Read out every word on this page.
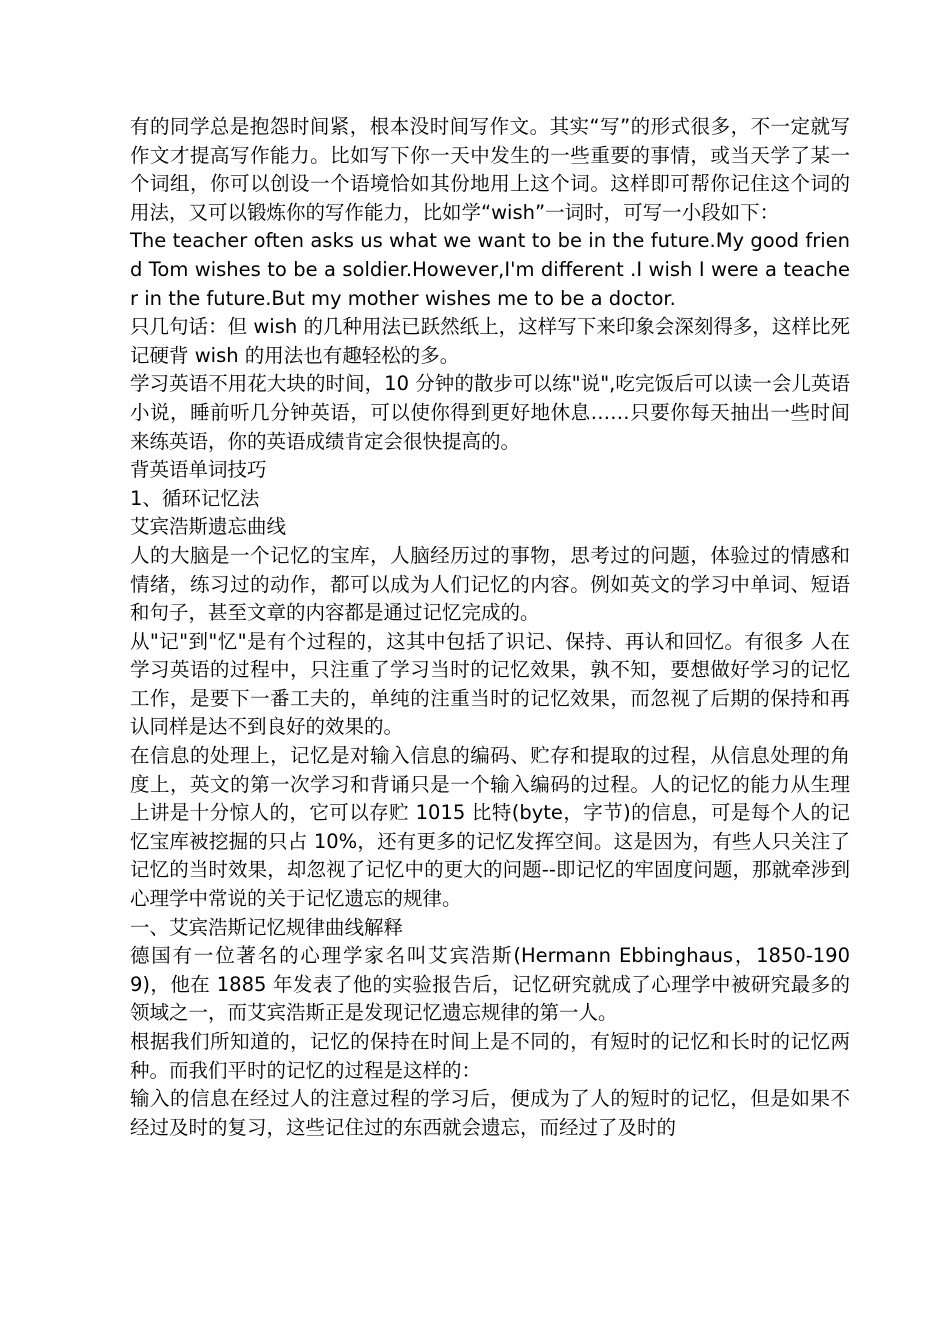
有的同学总是抱怨时间紧，根本没时间写作文。其实“写”的形式很多，不一定就写作文才提高写作能力。比如写下你一天中发生的一些重要的事情，或当天学了某一个词组，你可以创设一个语境恰如其份地用上这个词。这样即可帮你记住这个词的用法，又可以锻炼你的写作能力，比如学“wish”一词时，可写一小段如下：

The teacher often asks us what we want to be in the future.My good friend Tom wishes to be a soldier.However,I'm different .I wish I were a teacher in the future.But my mother wishes me to be a doctor.

只几句话：但 wish 的几种用法已跃然纸上，这样写下来印象会深刻得多，这样比死记硬背 wish 的用法也有趣轻松的多。

学习英语不用花大块的时间，10 分钟的散步可以练"说",吃完饭后可以读一会儿英语小说，睡前听几分钟英语，可以使你得到更好地休息……只要你每天抽出一些时间来练英语，你的英语成绩肯定会很快提高的。

背英语单词技巧

1、循环记忆法

艾宾浩斯遗忘曲线

人的大脑是一个记忆的宝库，人脑经历过的事物，思考过的问题，体验过的情感和情绪，练习过的动作，都可以成为人们记忆的内容。例如英文的学习中单词、短语和句子，甚至文章的内容都是通过记忆完成的。

从"记"到"忆"是有个过程的，这其中包括了识记、保持、再认和回忆。有很多 人在学习英语的过程中，只注重了学习当时的记忆效果，孰不知，要想做好学习的记忆工作，是要下一番工夫的，单纯的注重当时的记忆效果，而忽视了后期的保持和再认同样是达不到良好的效果的。

在信息的处理上，记忆是对输入信息的编码、贮存和提取的过程，从信息处理的角度上，英文的第一次学习和背诵只是一个输入编码的过程。人的记忆的能力从生理上讲是十分惊人的，它可以存贮 1015 比特(byte，字节)的信息，可是每个人的记忆宝库被挖掘的只占 10%，还有更多的记忆发挥空间。这是因为，有些人只关注了记忆的当时效果，却忽视了记忆中的更大的问题--即记忆的牢固度问题，那就牵涉到心理学中常说的关于记忆遗忘的规律。

一、艾宾浩斯记忆规律曲线解释

德国有一位著名的心理学家名叫艾宾浩斯(Hermann Ebbinghaus，1850-1909)，他在 1885 年发表了他的实验报告后，记忆研究就成了心理学中被研究最多的领域之一，而艾宾浩斯正是发现记忆遗忘规律的第一人。

根据我们所知道的，记忆的保持在时间上是不同的，有短时的记忆和长时的记忆两种。而我们平时的记忆的过程是这样的：

输入的信息在经过人的注意过程的学习后，便成为了人的短时的记忆，但是如果不经过及时的复习，这些记住过的东西就会遗忘，而经过了及时的
